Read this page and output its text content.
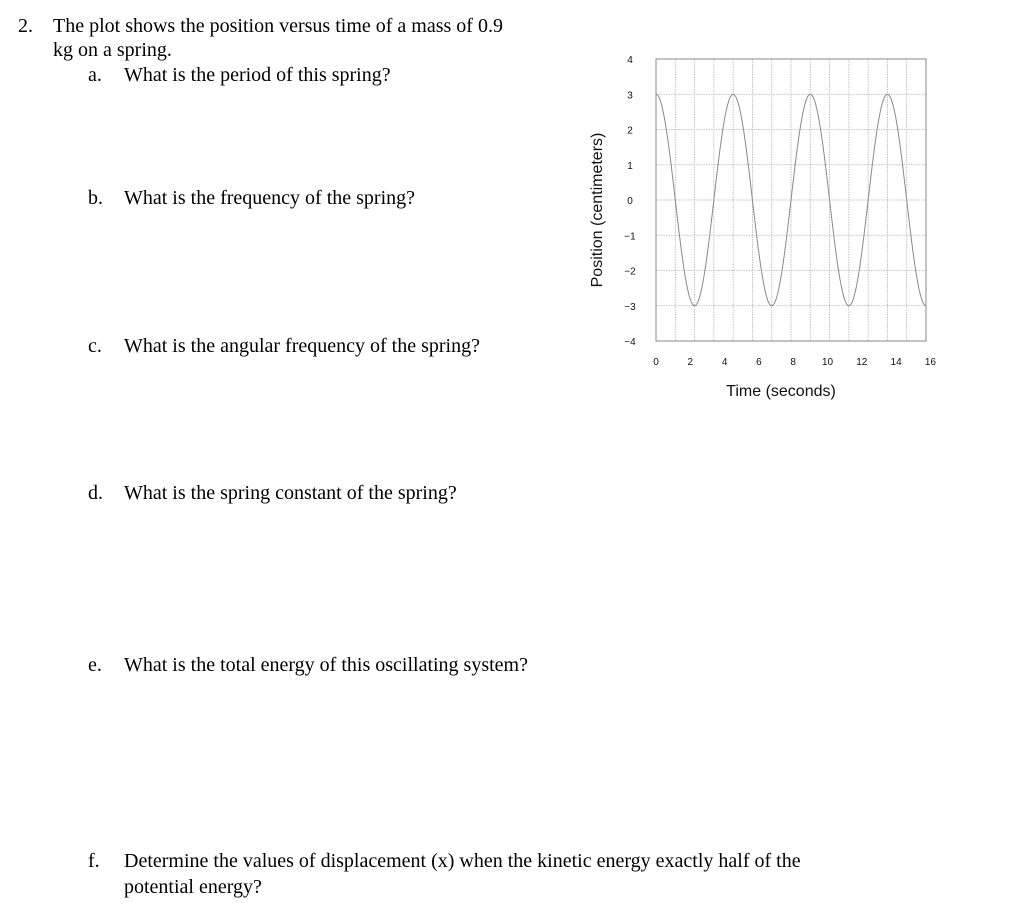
2. The plot shows the position versus time of a mass of 0.9
kg on a spring.
a. What is the period of this spring?
b. What is the frequency of the spring?
c. What is the angular frequency of the spring?
d. What is the spring constant of the spring?
e. What is the total energy of this oscillating system?
f. Determine the values of displacement (x) when the kinetic energy exactly half of the
potential energy?
4
3
2
1
0
−1
−2
−3
−4
0	2	4	6	8	10 12 14 16
Time (seconds)
Position (centimeters)
